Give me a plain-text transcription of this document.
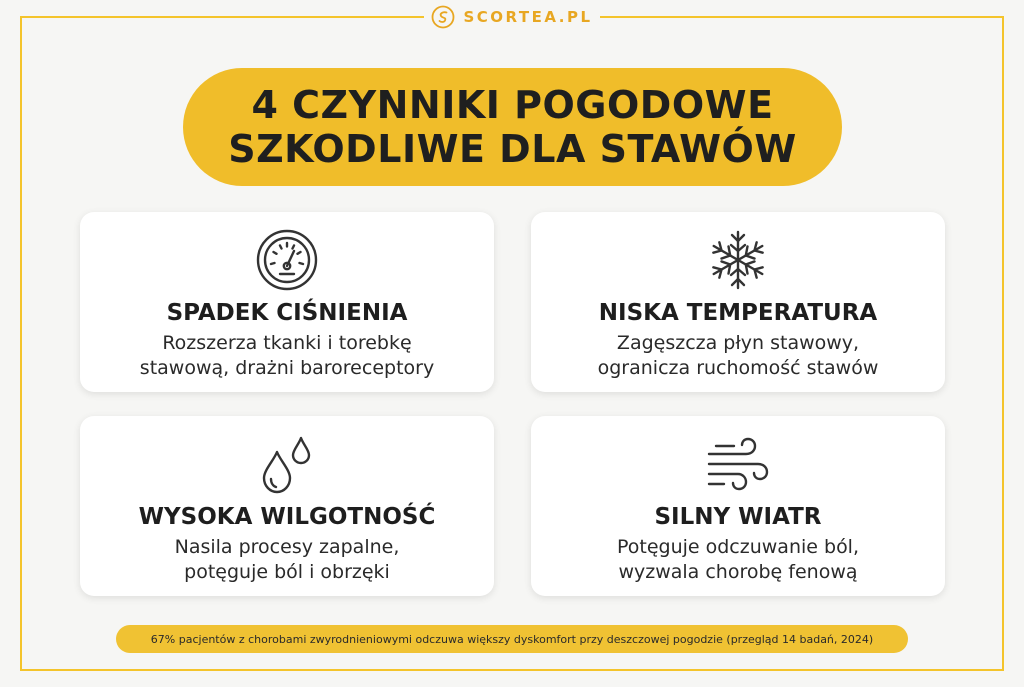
SCORTEA.PL
4 CZYNNIKI POGODOWE
SZKODLIWE DLA STAWÓW
SPADEK CIŚNIENIA
Rozszerza tkanki i torebkę
stawową, drażni baroreceptory
NISKA TEMPERATURA
Zagęszcza płyn stawowy,
ogranicza ruchomość stawów
WYSOKA WILGOTNOŚĆ
Nasila procesy zapalne,
potęguje ból i obrzęki
SILNY WIATR
Potęguje odczuwanie ból,
wyzwala chorobę fenową
67% pacjentów z chorobami zwyrodnieniowymi odczuwa większy dyskomfort przy deszczowej pogodzie (przegląd 14 badań, 2024)
